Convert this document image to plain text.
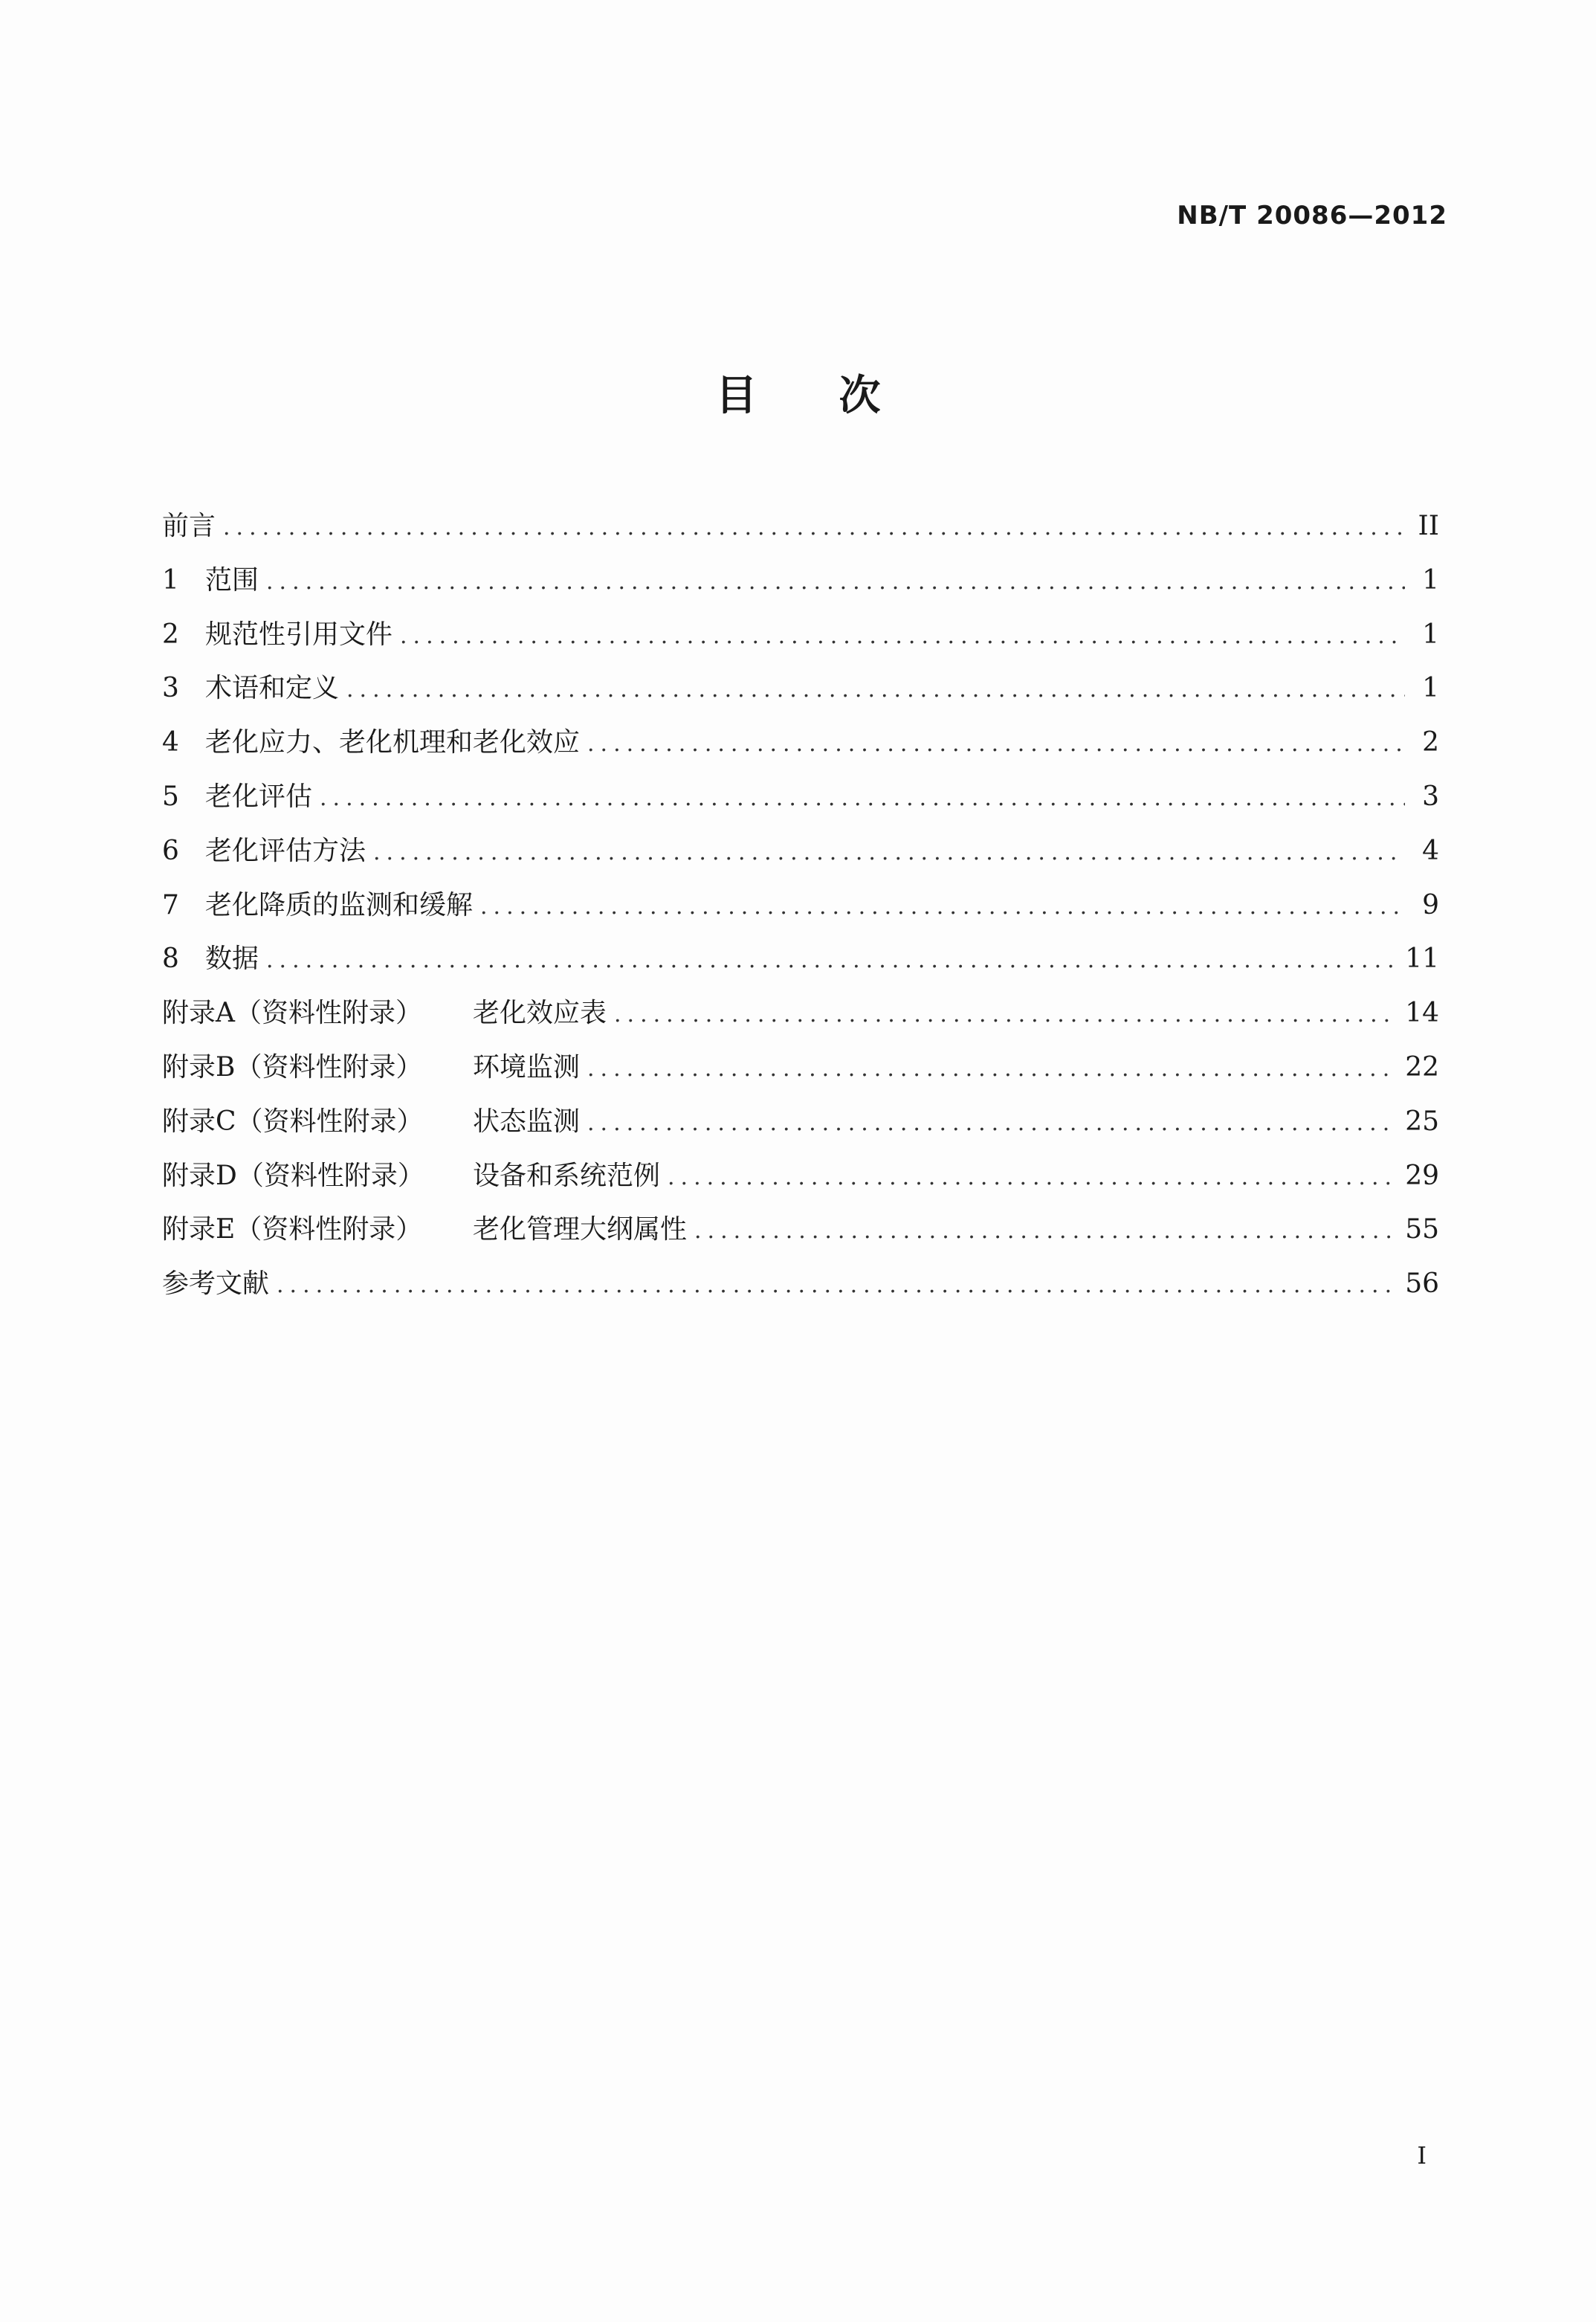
NB/T 20086—2012
目次
前言 .....	II
1 范围 .....	1
2 规范性引用文件 .....	1
3 术语和定义 .....	1
4 老化应力、老化机理和老化效应 .....	2
5 老化评估 .....	3
6 老化评估方法 .....	4
7 老化降质的监测和缓解 .....	9
8 数据 .....	11
附录A（资料性附录）	老化效应表 .....	14
附录B（资料性附录）	环境监测 .....	22
附录C（资料性附录）	状态监测 .....	25
附录D（资料性附录）	设备和系统范例 .....	29
附录E（资料性附录）	老化管理大纲属性 .....	55
参考文献 .....	56
I
